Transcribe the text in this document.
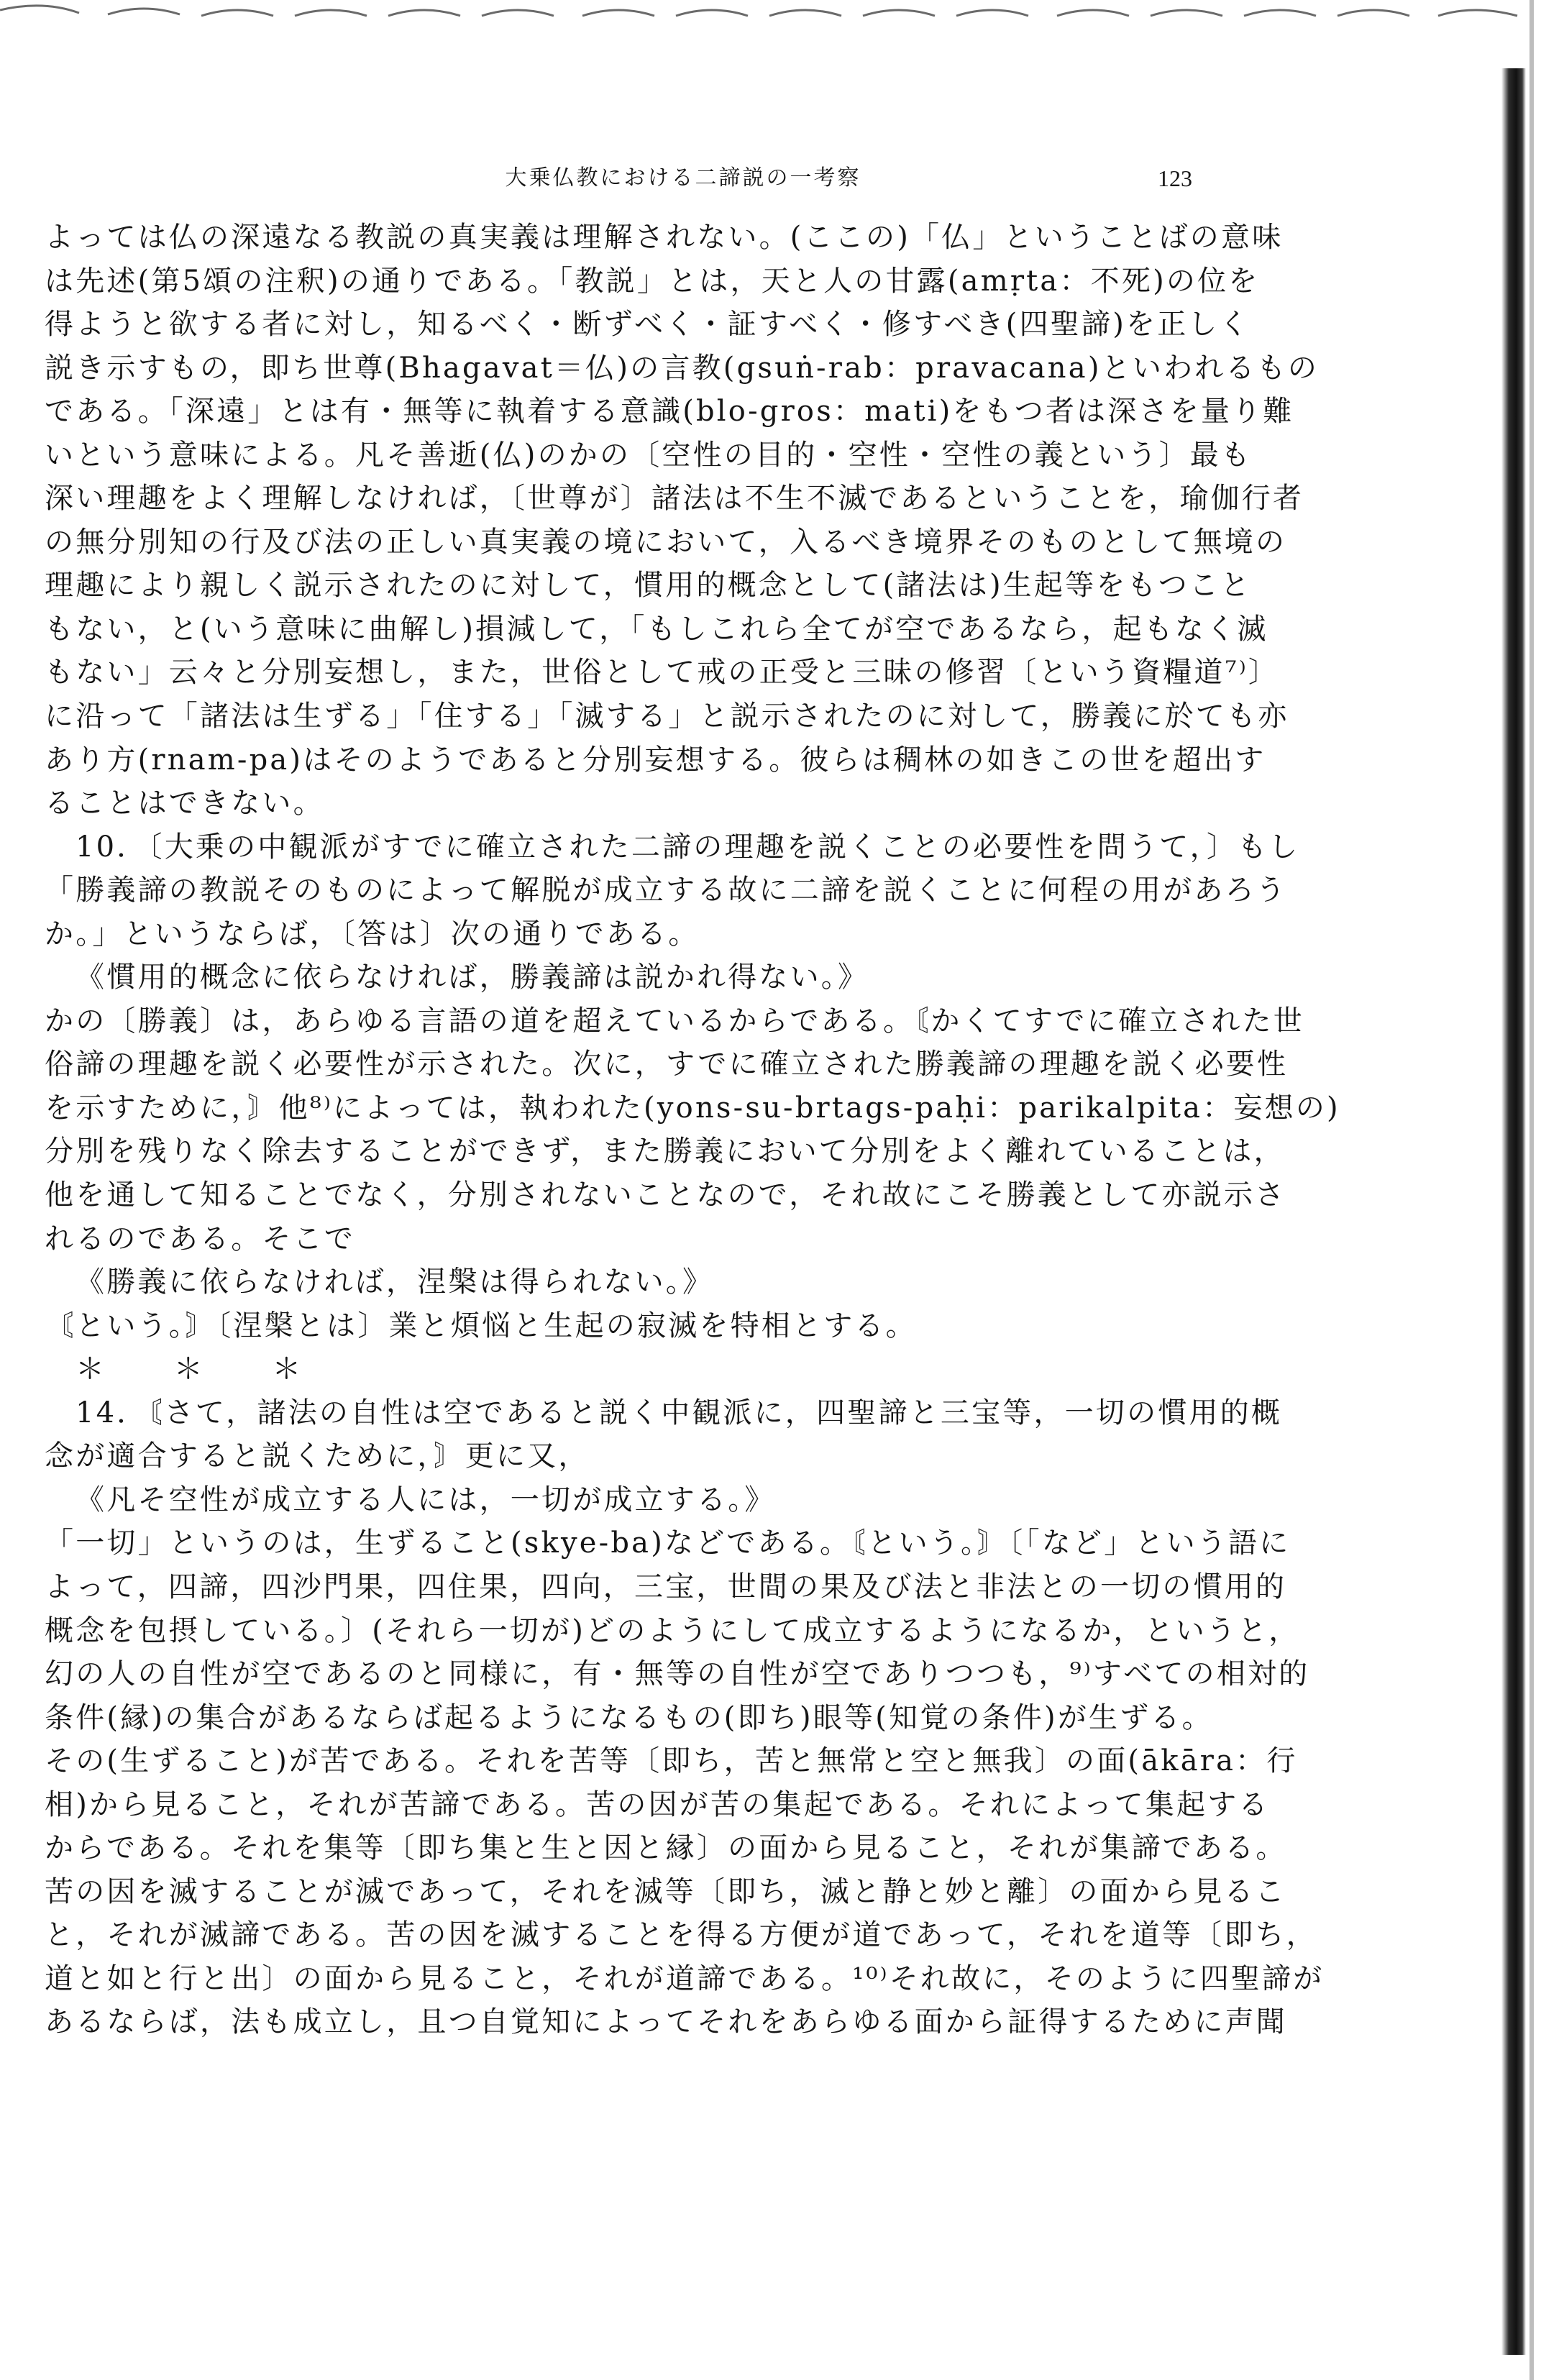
大乗仏教における二諦説の一考察	123
よっては仏の深遠なる教説の真実義は理解されない。(ここの)「仏」ということばの意味
は先述(第5頌の注釈)の通りである。「教説」とは，天と人の甘露(amṛta：不死)の位を
得ようと欲する者に対し，知るべく・断ずべく・証すべく・修すべき(四聖諦)を正しく
説き示すもの，即ち世尊(Bhagavat＝仏)の言教(gsuṅ-rab：pravacana)といわれるもの
である。「深遠」とは有・無等に執着する意識(blo-gros：mati)をもつ者は深さを量り難
いという意味による。凡そ善逝(仏)のかの〔空性の目的・空性・空性の義という〕最も
深い理趣をよく理解しなければ，〔世尊が〕諸法は不生不滅であるということを，瑜伽行者
の無分別知の行及び法の正しい真実義の境において，入るべき境界そのものとして無境の
理趣により親しく説示されたのに対して，慣用的概念として(諸法は)生起等をもつこと
もない，と(いう意味に曲解し)損減して，「もしこれら全てが空であるなら，起もなく滅
もない」云々と分別妄想し，また，世俗として戒の正受と三昧の修習〔という資糧道⁷⁾〕
に沿って「諸法は生ずる」「住する」「滅する」と説示されたのに対して，勝義に於ても亦
あり方(rnam-pa)はそのようであると分別妄想する。彼らは稠林の如きこの世を超出す
ることはできない。
10．〔大乗の中観派がすでに確立された二諦の理趣を説くことの必要性を問うて，〕もし
「勝義諦の教説そのものによって解脱が成立する故に二諦を説くことに何程の用があろう
か。」というならば，〔答は〕次の通りである。
《慣用的概念に依らなければ，勝義諦は説かれ得ない。》
かの〔勝義〕は，あらゆる言語の道を超えているからである。〘かくてすでに確立された世
俗諦の理趣を説く必要性が示された。次に，すでに確立された勝義諦の理趣を説く必要性
を示すために，〙他⁸⁾によっては，執われた(yons-su-brtags-paḥi：parikalpita：妄想の)
分別を残りなく除去することができず，また勝義において分別をよく離れていることは，
他を通して知ることでなく，分別されないことなので，それ故にこそ勝義として亦説示さ
れるのである。そこで
《勝義に依らなければ，涅槃は得られない。》
〘という。〙〔涅槃とは〕業と煩悩と生起の寂滅を特相とする。
＊ ＊ ＊
14．〘さて，諸法の自性は空であると説く中観派に，四聖諦と三宝等，一切の慣用的概
念が適合すると説くために，〙更に又，
《凡そ空性が成立する人には，一切が成立する。》
「一切」というのは，生ずること(skye-ba)などである。〘という。〙〔「など」という語に
よって，四諦，四沙門果，四住果，四向，三宝，世間の果及び法と非法との一切の慣用的
概念を包摂している。〕(それら一切が)どのようにして成立するようになるか，というと，
幻の人の自性が空であるのと同様に，有・無等の自性が空でありつつも，⁹⁾すべての相対的
条件(縁)の集合があるならば起るようになるもの(即ち)眼等(知覚の条件)が生ずる。
その(生ずること)が苦である。それを苦等〔即ち，苦と無常と空と無我〕の面(ākāra：行
相)から見ること，それが苦諦である。苦の因が苦の集起である。それによって集起する
からである。それを集等〔即ち集と生と因と縁〕の面から見ること，それが集諦である。
苦の因を滅することが滅であって，それを滅等〔即ち，滅と静と妙と離〕の面から見るこ
と，それが滅諦である。苦の因を滅することを得る方便が道であって，それを道等〔即ち，
道と如と行と出〕の面から見ること，それが道諦である。¹⁰⁾それ故に，そのように四聖諦が
あるならば，法も成立し，且つ自覚知によってそれをあらゆる面から証得するために声聞
